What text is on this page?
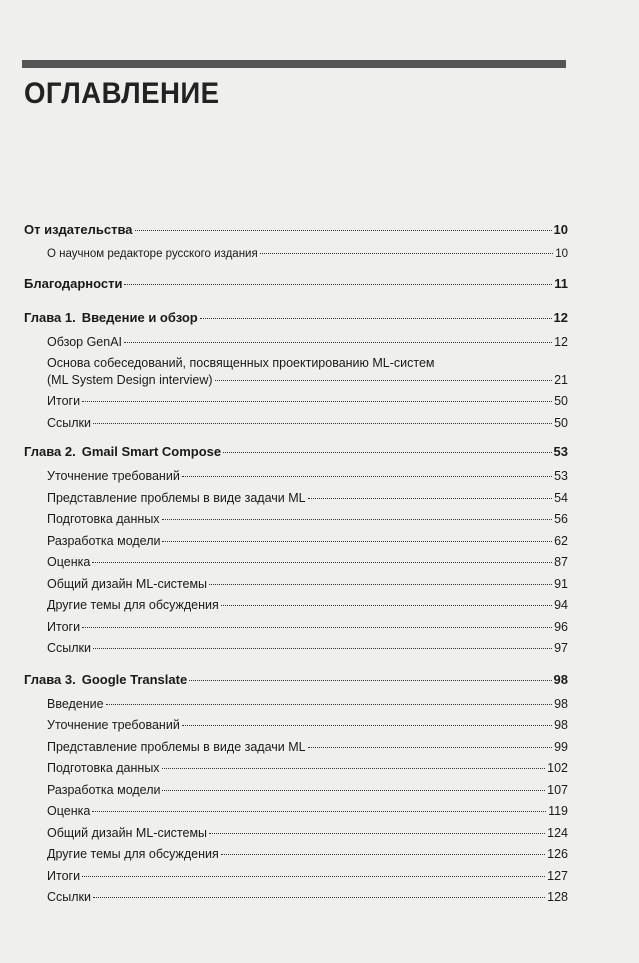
ОГЛАВЛЕНИЕ
От издательства	10
О научном редакторе русского издания	10
Благодарности	11
Глава 1. Введение и обзор	12
Обзор GenAI	12
Основа собеседований, посвященных проектированию ML-систем
(ML System Design interview)	21
Итоги	50
Ссылки	50
Глава 2. Gmail Smart Compose	53
Уточнение требований	53
Представление проблемы в виде задачи ML	54
Подготовка данных	56
Разработка модели	62
Оценка	87
Общий дизайн ML-системы	91
Другие темы для обсуждения	94
Итоги	96
Ссылки	97
Глава 3. Google Translate	98
Введение	98
Уточнение требований	98
Представление проблемы в виде задачи ML	99
Подготовка данных	102
Разработка модели	107
Оценка	119
Общий дизайн ML-системы	124
Другие темы для обсуждения	126
Итоги	127
Ссылки	128
